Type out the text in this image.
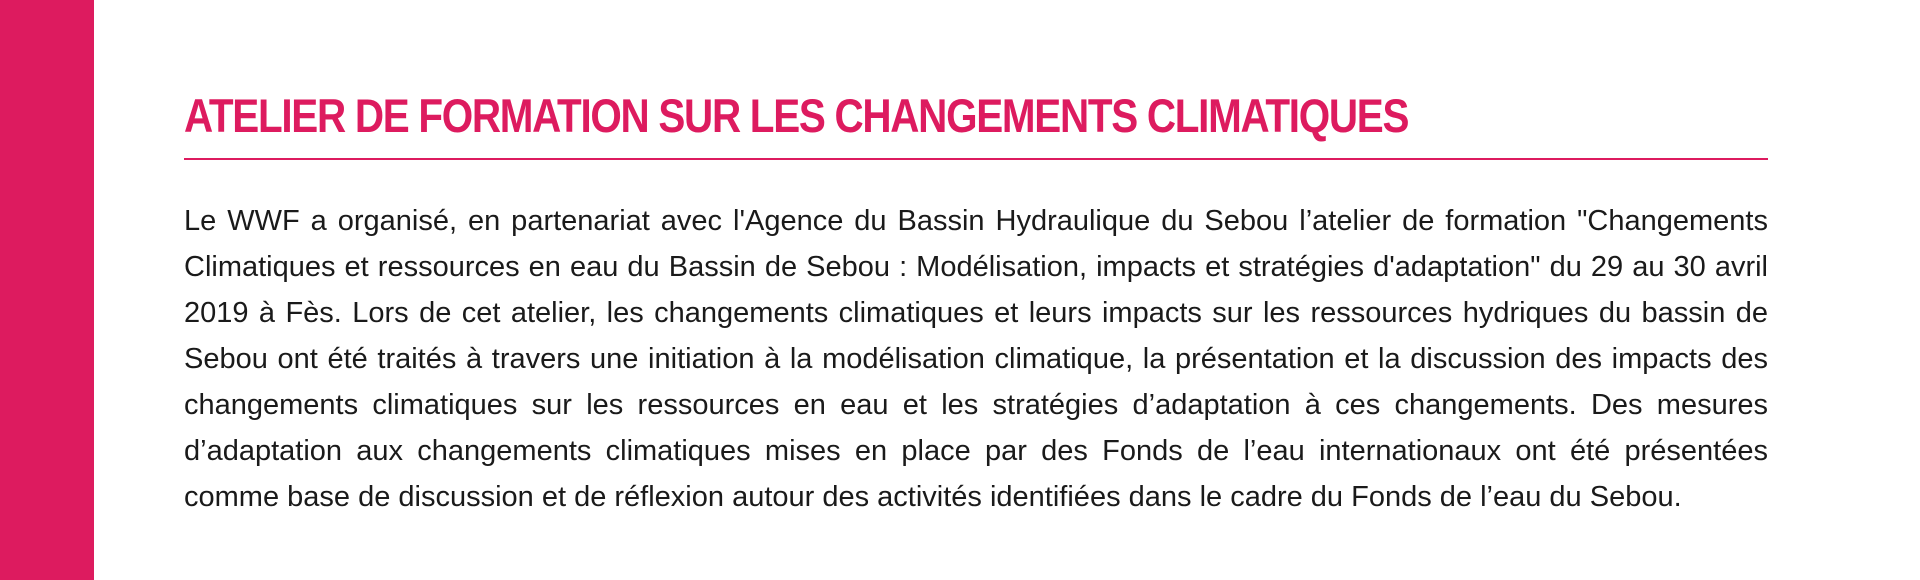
ATELIER DE FORMATION SUR LES CHANGEMENTS CLIMATIQUES

Le WWF a organisé, en partenariat avec l'Agence du Bassin Hydraulique du Sebou l’atelier de formation "Changements Climatiques et ressources en eau du Bassin de Sebou : Modélisation, impacts et stratégies d'adaptation" du 29 au 30 avril 2019 à Fès. Lors de cet atelier, les changements climatiques et leurs impacts sur les ressources hydriques du bassin de Sebou ont été traités à travers une initiation à la modélisation climatique, la présentation et la discussion des impacts des changements climatiques sur les ressources en eau et les stratégies d’adaptation à ces changements. Des mesures d’adaptation aux changements climatiques mises en place par des Fonds de l’eau internationaux ont été présentées comme base de discussion et de réflexion autour des activités identifiées dans le cadre du Fonds de l’eau du Sebou.
